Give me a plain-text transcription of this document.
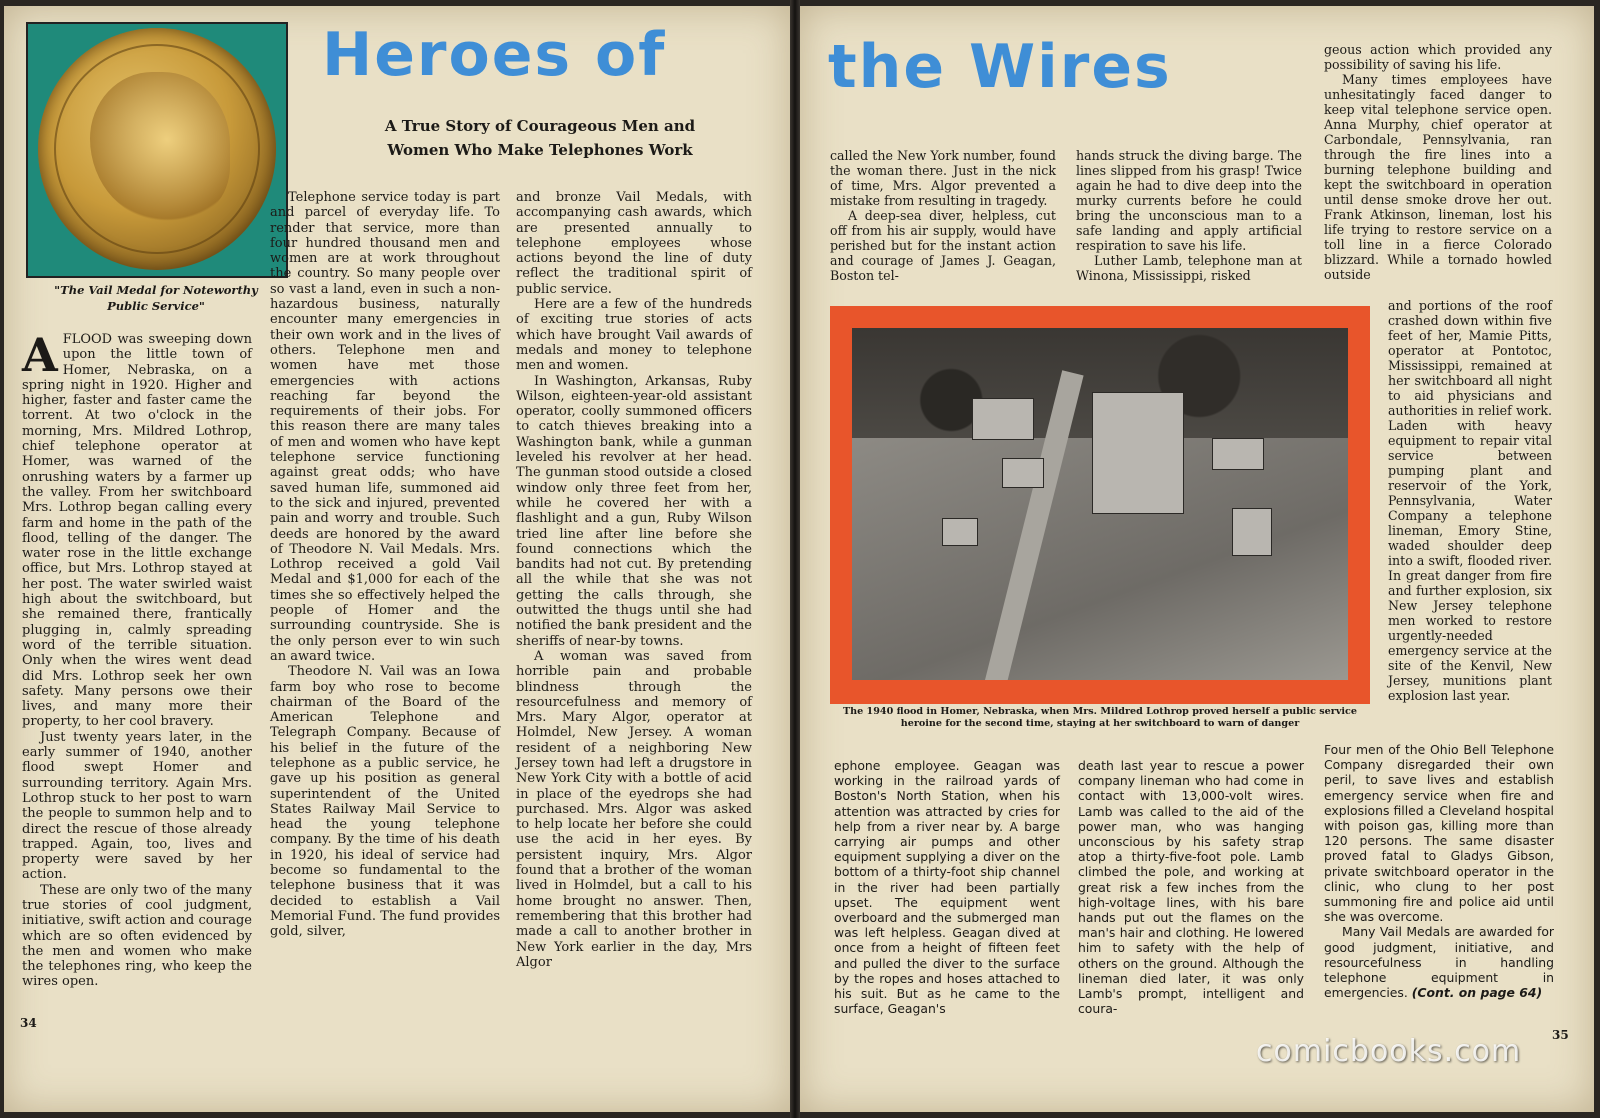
"The Vail Medal for Noteworthy Public Service"
Heroes of
A True Story of Courageous Men and
Women Who Make Telephones Work

AFLOOD was sweeping down upon the little town of Homer, Nebraska, on a spring night in 1920. Higher and higher, faster and faster came the torrent. At two o'clock in the morning, Mrs. Mildred Lothrop, chief telephone operator at Homer, was warned of the onrushing waters by a farmer up the valley. From her switchboard Mrs. Lothrop began calling every farm and home in the path of the flood, telling of the danger. The water rose in the little exchange office, but Mrs. Lothrop stayed at her post. The water swirled waist high about the switchboard, but she remained there, frantically plugging in, calmly spreading word of the terrible situation. Only when the wires went dead did Mrs. Lothrop seek her own safety. Many persons owe their lives, and many more their property, to her cool bravery.

Just twenty years later, in the early summer of 1940, another flood swept Homer and surrounding territory. Again Mrs. Lothrop stuck to her post to warn the people to summon help and to direct the rescue of those already trapped. Again, too, lives and property were saved by her action.

These are only two of the many true stories of cool judgment, initiative, swift action and courage which are so often evidenced by the men and women who make the telephones ring, who keep the wires open.

Telephone service today is part and parcel of everyday life. To render that service, more than four hundred thousand men and women are at work throughout the country. So many people over so vast a land, even in such a non-hazardous business, naturally encounter many emergencies in their own work and in the lives of others. Telephone men and women have met those emergencies with actions reaching far beyond the requirements of their jobs. For this reason there are many tales of men and women who have kept telephone service functioning against great odds; who have saved human life, summoned aid to the sick and injured, prevented pain and worry and trouble. Such deeds are honored by the award of Theodore N. Vail Medals. Mrs. Lothrop received a gold Vail Medal and $1,000 for each of the times she so effectively helped the people of Homer and the surrounding countryside. She is the only person ever to win such an award twice.

Theodore N. Vail was an Iowa farm boy who rose to become chairman of the Board of the American Telephone and Telegraph Company. Because of his belief in the future of the telephone as a public service, he gave up his position as general superintendent of the United States Railway Mail Service to head the young telephone company. By the time of his death in 1920, his ideal of service had become so fundamental to the telephone business that it was decided to establish a Vail Memorial Fund. The fund provides gold, silver,

and bronze Vail Medals, with accompanying cash awards, which are presented annually to telephone employees whose actions beyond the line of duty reflect the traditional spirit of public service.

Here are a few of the hundreds of exciting true stories of acts which have brought Vail awards of medals and money to telephone men and women.

In Washington, Arkansas, Ruby Wilson, eighteen-year-old assistant operator, coolly summoned officers to catch thieves breaking into a Washington bank, while a gunman leveled his revolver at her head. The gunman stood outside a closed window only three feet from her, while he covered her with a flashlight and a gun, Ruby Wilson tried line after line before she found connections which the bandits had not cut. By pretending all the while that she was not getting the calls through, she outwitted the thugs until she had notified the bank president and the sheriffs of near-by towns.

A woman was saved from horrible pain and probable blindness through the resourcefulness and memory of Mrs. Mary Algor, operator at Holmdel, New Jersey. A woman resident of a neighboring New Jersey town had left a drugstore in New York City with a bottle of acid in place of the eyedrops she had purchased. Mrs. Algor was asked to help locate her before she could use the acid in her eyes. By persistent inquiry, Mrs. Algor found that a brother of the woman lived in Holmdel, but a call to his home brought no answer. Then, remembering that this brother had made a call to another brother in New York earlier in the day, Mrs Algor

34
the Wires

called the New York number, found the woman there. Just in the nick of time, Mrs. Algor prevented a mistake from resulting in tragedy.

A deep-sea diver, helpless, cut off from his air supply, would have perished but for the instant action and courage of James J. Geagan, Boston tel-

hands struck the diving barge. The lines slipped from his grasp! Twice again he had to dive deep into the murky currents before he could bring the unconscious man to a safe landing and apply artificial respiration to save his life.

Luther Lamb, telephone man at Winona, Mississippi, risked

geous action which provided any possibility of saving his life.

Many times employees have unhesitatingly faced danger to keep vital telephone service open. Anna Murphy, chief operator at Carbondale, Pennsylvania, ran through the fire lines into a burning telephone building and kept the switchboard in operation until dense smoke drove her out. Frank Atkinson, lineman, lost his life trying to restore service on a toll line in a fierce Colorado blizzard. While a tornado howled outside

and portions of the roof crashed down within five feet of her, Mamie Pitts, operator at Pontotoc, Mississippi, remained at her switchboard all night to aid physicians and authorities in relief work. Laden with heavy equipment to repair vital service between pumping plant and reservoir of the York, Pennsylvania, Water Company a telephone lineman, Emory Stine, waded shoulder deep into a swift, flooded river. In great danger from fire and further explosion, six New Jersey telephone men worked to restore urgently-needed emergency service at the site of the Kenvil, New Jersey, munitions plant explosion last year.

The 1940 flood in Homer, Nebraska, when Mrs. Mildred Lothrop proved herself a public service heroine for the second time, staying at her switchboard to warn of danger

ephone employee. Geagan was working in the railroad yards of Boston's North Station, when his attention was attracted by cries for help from a river near by. A barge carrying air pumps and other equipment supplying a diver on the bottom of a thirty-foot ship channel in the river had been partially upset. The equipment went overboard and the submerged man was left helpless. Geagan dived at once from a height of fifteen feet and pulled the diver to the surface by the ropes and hoses attached to his suit. But as he came to the surface, Geagan's

death last year to rescue a power company lineman who had come in contact with 13,000-volt wires. Lamb was called to the aid of the power man, who was hanging unconscious by his safety strap atop a thirty-five-foot pole. Lamb climbed the pole, and working at great risk a few inches from the high-voltage lines, with his bare hands put out the flames on the man's hair and clothing. He lowered him to safety with the help of others on the ground. Although the lineman died later, it was only Lamb's prompt, intelligent and coura-

Four men of the Ohio Bell Telephone Company disregarded their own peril, to save lives and establish emergency service when fire and explosions filled a Cleveland hospital with poison gas, killing more than 120 persons. The same disaster proved fatal to Gladys Gibson, private switchboard operator in the clinic, who clung to her post summoning fire and police aid until she was overcome.

Many Vail Medals are awarded for good judgment, initiative, and resourcefulness in handling telephone equipment in emergencies. (Cont. on page 64)

35
comicbooks.com
